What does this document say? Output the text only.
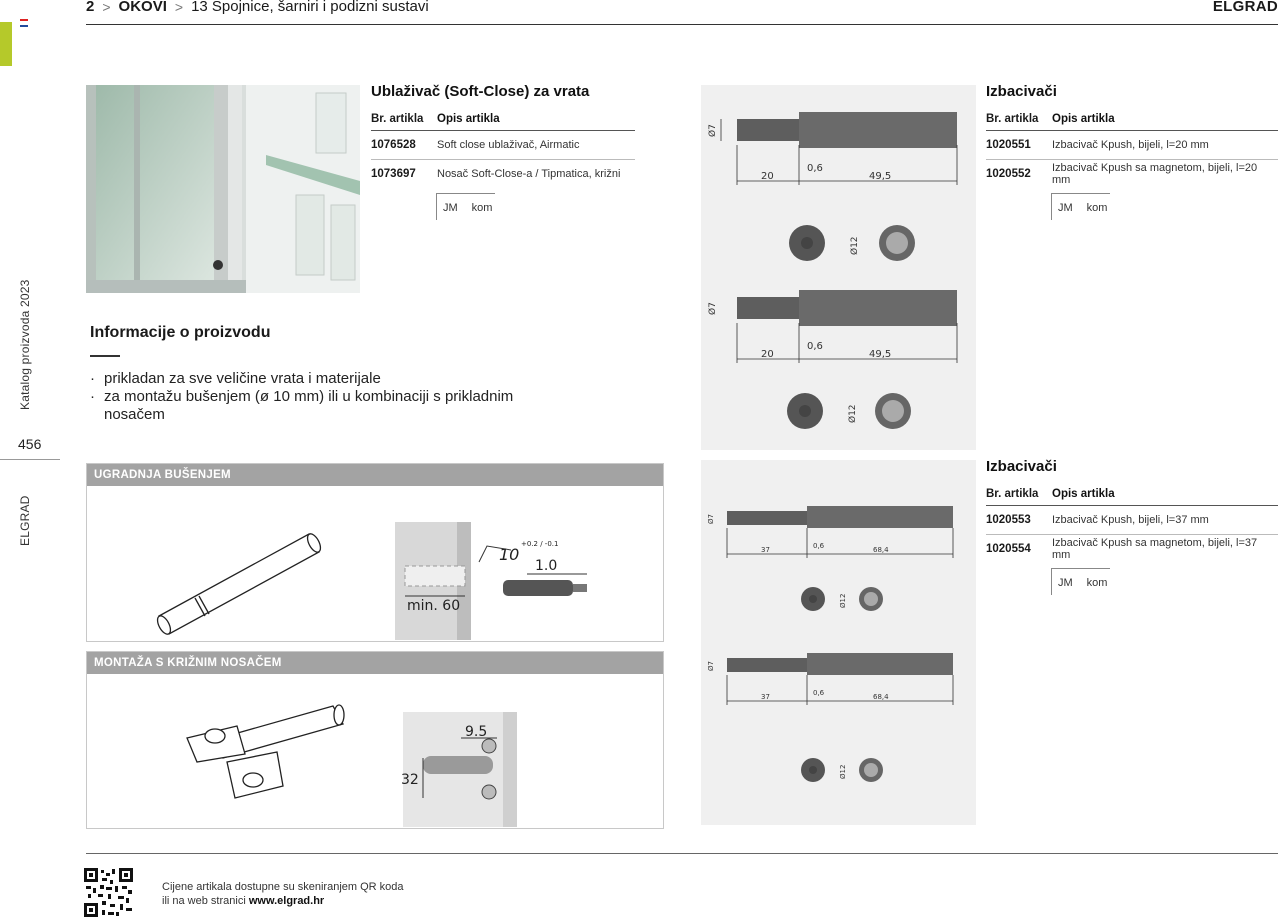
Katalog proizvoda 2023
456
ELGRAD
2 > OKOVI > 13 Spojnice, šarniri i podizni sustavi	ELGRAD
Ublaživač (Soft-Close) za vrata
Br. artikla	Opis artikla
1076528	Soft close ublaživač, Airmatic
1073697	Nosač Soft-Close-a / Tipmatica, križni
JM kom
Informacije o proizvodu
· prikladan za sve veličine vrata i materijale
· za montažu bušenjem (ø 10 mm) ili u kombinaciji s prikladnim nosačem
UGRADNJA BUŠENJEM
10
+0.2 / -0.1
1.0
min. 60
MONTAŽA S KRIŽNIM NOSAČEM
9.5
32
Ø7
20
0,6
49,5
Ø12
Ø7
20
0,6
49,5
Ø12
Izbacivači
Br. artikla	Opis artikla
1020551	Izbacivač Kpush, bijeli, l=20 mm
1020552	Izbacivač Kpush sa magnetom, bijeli, l=20 mm
JM kom
Ø7
37	0,6	68,4
Ø12
Ø7
37	0,6	68,4
Ø12
Izbacivači
Br. artikla	Opis artikla
1020553	Izbacivač Kpush, bijeli, l=37 mm
1020554	Izbacivač Kpush sa magnetom, bijeli, l=37 mm
JM kom
Cijene artikala dostupne su skeniranjem QR koda
ili na web stranici www.elgrad.hr
